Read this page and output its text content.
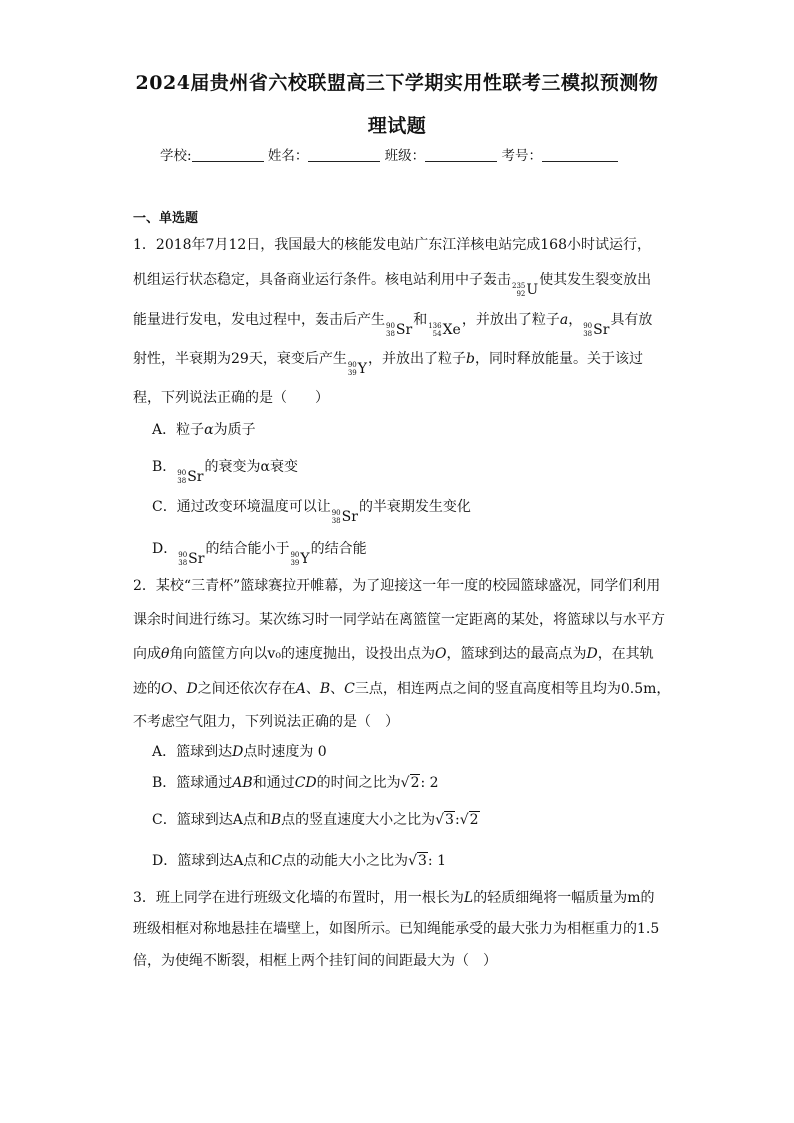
2024届贵州省六校联盟高三下学期实用性联考三模拟预测物
理试题
学校:	姓名：	班级：	考号：
一、单选题
1．2018年7月12日，我国最大的核能发电站广东江洋核电站完成168小时试运行，
机组运行状态稳定，具备商业运行条件。核电站利用中子轰击 235
92 U
使其发生裂变放出
能量进行发电，发电过程中，轰击后产生 90
38 Sr
和 136
54 Xe
，并放出了粒子a， 90
38 Sr
具有放
射性，半衰期为29天，衰变后产生 90
39 Y
，并放出了粒子b，同时释放能量。关于该过
程，下列说法正确的是（　　）
A．粒子α为质子
B． 90
38 Sr
的衰变为α衰变
C．通过改变环境温度可以让 90
38 Sr
的半衰期发生变化
D． 90
38 Sr
的结合能小于 90
39 Y
的结合能
2．某校“三青杯”篮球赛拉开帷幕，为了迎接这一年一度的校园篮球盛况，同学们利用
课余时间进行练习。某次练习时一同学站在离篮筐一定距离的某处，将篮球以与水平方
向成θ角向篮筐方向以v₀的速度抛出，设投出点为O，篮球到达的最高点为D，在其轨
迹的O、D之间还依次存在A、B、C三点，相连两点之间的竖直高度相等且均为0.5m，
不考虑空气阻力，下列说法正确的是（　）
A．篮球到达D点时速度为 0
B．篮球通过AB和通过CD的时间之比为√2: 2
C．篮球到达A点和B点的竖直速度大小之比为√3:√2
D．篮球到达A点和C点的动能大小之比为√3: 1
3．班上同学在进行班级文化墙的布置时，用一根长为L的轻质细绳将一幅质量为m的
班级相框对称地悬挂在墙壁上，如图所示。已知绳能承受的最大张力为相框重力的1.5
倍，为使绳不断裂，相框上两个挂钉间的间距最大为（　）
